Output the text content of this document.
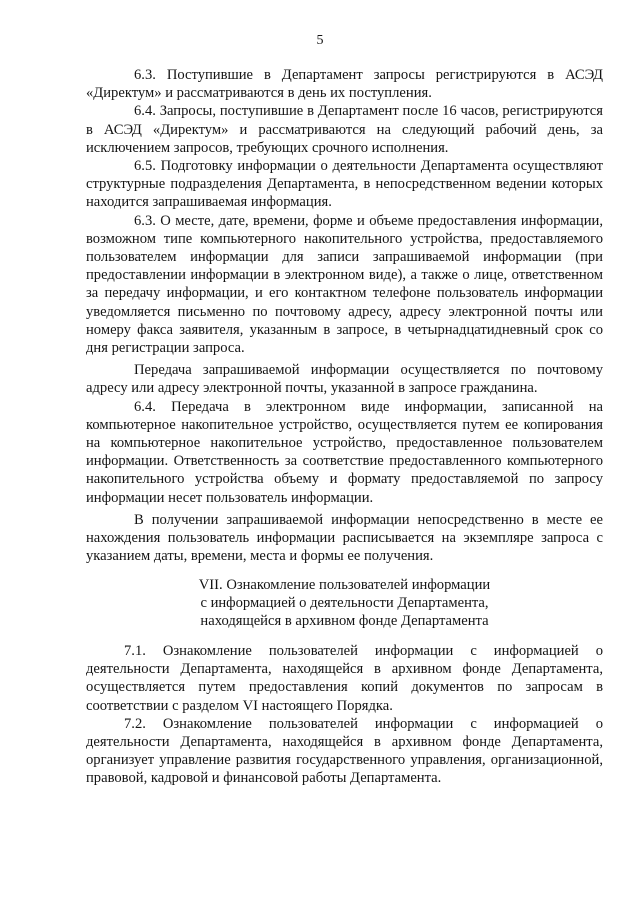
5

6.3. Поступившие в Департамент запросы регистрируются в АСЭД «Директум» и рассматриваются в день их поступления.

6.4. Запросы, поступившие в Департамент после 16 часов, регистрируются в АСЭД «Директум» и рассматриваются на следующий рабочий день, за исключением запросов, требующих срочного исполнения.

6.5. Подготовку информации о деятельности Департамента осуществляют структурные подразделения Департамента, в непосредственном ведении которых находится запрашиваемая информация.

6.3. О месте, дате, времени, форме и объеме предоставления информации, возможном типе компьютерного накопительного устройства, предоставляемого пользователем информации для записи запрашиваемой информации (при предоставлении информации в электронном виде), а также о лице, ответственном за передачу информации, и его контактном телефоне пользователь информации уведомляется письменно по почтовому адресу, адресу электронной почты или номеру факса заявителя, указанным в запросе, в четырнадцатидневный срок со дня регистрации запроса.

Передача запрашиваемой информации осуществляется по почтовому адресу или адресу электронной почты, указанной в запросе гражданина.

6.4. Передача в электронном виде информации, записанной на компьютерное накопительное устройство, осуществляется путем ее копирования на компьютерное накопительное устройство, предоставленное пользователем информации. Ответственность за соответствие предоставленного компьютерного накопительного устройства объему и формату предоставляемой по запросу информации несет пользователь информации.

В получении запрашиваемой информации непосредственно в месте ее нахождения пользователь информации расписывается на экземпляре запроса с указанием даты, времени, места и формы ее получения.

VII. Ознакомление пользователей информации
с информацией о деятельности Департамента,
находящейся в архивном фонде Департамента

7.1. Ознакомление пользователей информации с информацией о деятельности Департамента, находящейся в архивном фонде Департамента, осуществляется путем предоставления копий документов по запросам в соответствии с разделом VI настоящего Порядка.

7.2. Ознакомление пользователей информации с информацией о деятельности Департамента, находящейся в архивном фонде Департамента, организует управление развития государственного управления, организационной, правовой, кадровой и финансовой работы Департамента.
